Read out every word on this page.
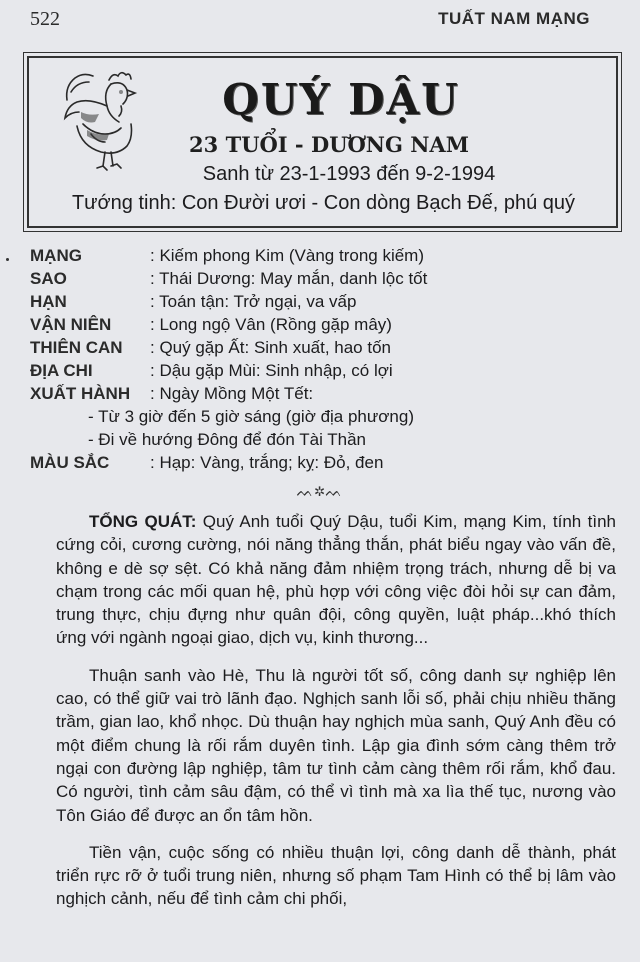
522	TUẤT NAM MẠNG
QUÝ DẬU
23 TUỔI - DƯƠNG NAM
Sanh từ 23-1-1993 đến 9-2-1994
Tướng tinh: Con Đười ươi - Con dòng Bạch Đế, phú quý
MẠNG	: Kiếm phong Kim (Vàng trong kiếm)
SAO	: Thái Dương: May mắn, danh lộc tốt
HẠN	: Toán tận: Trở ngại, va vấp
VẬN NIÊN	: Long ngộ Vân (Rồng gặp mây)
THIÊN CAN	: Quý gặp Ất: Sinh xuất, hao tốn
ĐỊA CHI	: Dậu gặp Mùi: Sinh nhập, có lợi
XUẤT HÀNH	: Ngày Mồng Một Tết:
- Từ 3 giờ đến 5 giờ sáng (giờ địa phương)
- Đi về hướng Đông để đón Tài Thần
MÀU SẮC	: Hạp: Vàng, trắng; kỵ: Đỏ, đen
ᨓ✲ᨓ

TỔNG QUÁT: Quý Anh tuổi Quý Dậu, tuổi Kim, mạng Kim, tính tình cứng cỏi, cương cường, nói năng thẳng thắn, phát biểu ngay vào vấn đề, không e dè sợ sệt. Có khả năng đảm nhiệm trọng trách, nhưng dễ bị va chạm trong các mối quan hệ, phù hợp với công việc đòi hỏi sự can đảm, trung thực, chịu đựng như quân đội, công quyền, luật pháp...khó thích ứng với ngành ngoại giao, dịch vụ, kinh thương...

Thuận sanh vào Hè, Thu là người tốt số, công danh sự nghiệp lên cao, có thể giữ vai trò lãnh đạo. Nghịch sanh lỗi số, phải chịu nhiều thăng trầm, gian lao, khổ nhọc. Dù thuận hay nghịch mùa sanh, Quý Anh đều có một điểm chung là rối rắm duyên tình. Lập gia đình sớm càng thêm trở ngại con đường lập nghiệp, tâm tư tình cảm càng thêm rối rắm, khổ đau. Có người, tình cảm sâu đậm, có thể vì tình mà xa lìa thế tục, nương vào Tôn Giáo để được an ổn tâm hồn.

Tiền vận, cuộc sống có nhiều thuận lợi, công danh dễ thành, phát triển rực rỡ ở tuổi trung niên, nhưng số phạm Tam Hình có thể bị lâm vào nghịch cảnh, nếu để tình cảm chi phối,
